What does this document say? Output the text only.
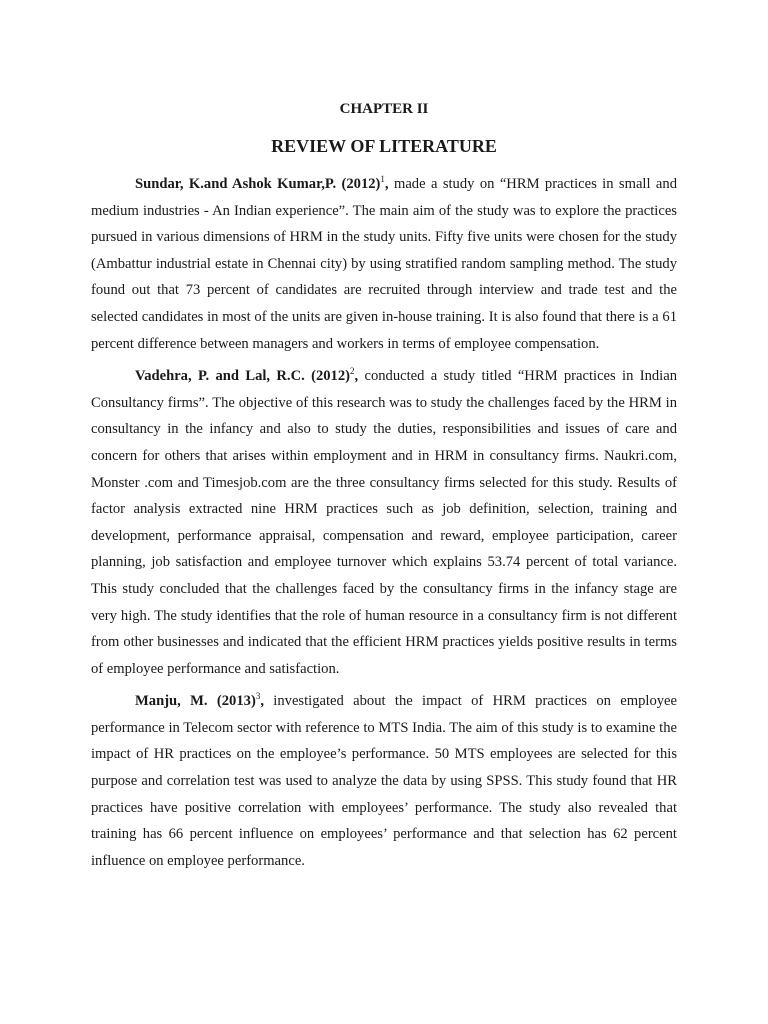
CHAPTER II
REVIEW OF LITERATURE

Sundar, K.and Ashok Kumar,P. $(2012)^1$, made a study on “HRM practices in small and medium industries - An Indian experience”. The main aim of the study was to explore the practices pursued in various dimensions of HRM in the study units. Fifty five units were chosen for the study (Ambattur industrial estate in Chennai city) by using stratified random sampling method. The study found out that 73 percent of candidates are recruited through interview and trade test and the selected candidates in most of the units are given in-house training. It is also found that there is a 61 percent difference between managers and workers in terms of employee compensation.

Vadehra, P. and Lal, R.C. $(2012)^2$, conducted a study titled “HRM practices in Indian Consultancy firms”. The objective of this research was to study the challenges faced by the HRM in consultancy in the infancy and also to study the duties, responsibilities and issues of care and concern for others that arises within employment and in HRM in consultancy firms. Naukri.com, Monster .com and Timesjob.com are the three consultancy firms selected for this study. Results of factor analysis extracted nine HRM practices such as job definition, selection, training and development, performance appraisal, compensation and reward, employee participation, career planning, job satisfaction and employee turnover which explains 53.74 percent of total variance. This study concluded that the challenges faced by the consultancy firms in the infancy stage are very high. The study identifies that the role of human resource in a consultancy firm is not different from other businesses and indicated that the efficient HRM practices yields positive results in terms of employee performance and satisfaction.

Manju, M. $(2013)^3$, investigated about the impact of HRM practices on employee performance in Telecom sector with reference to MTS India. The aim of this study is to examine the impact of HR practices on the employee’s performance. 50 MTS employees are selected for this purpose and correlation test was used to analyze the data by using SPSS. This study found that HR practices have positive correlation with employees’ performance. The study also revealed that training has 66 percent influence on employees’ performance and that selection has 62 percent influence on employee performance.
